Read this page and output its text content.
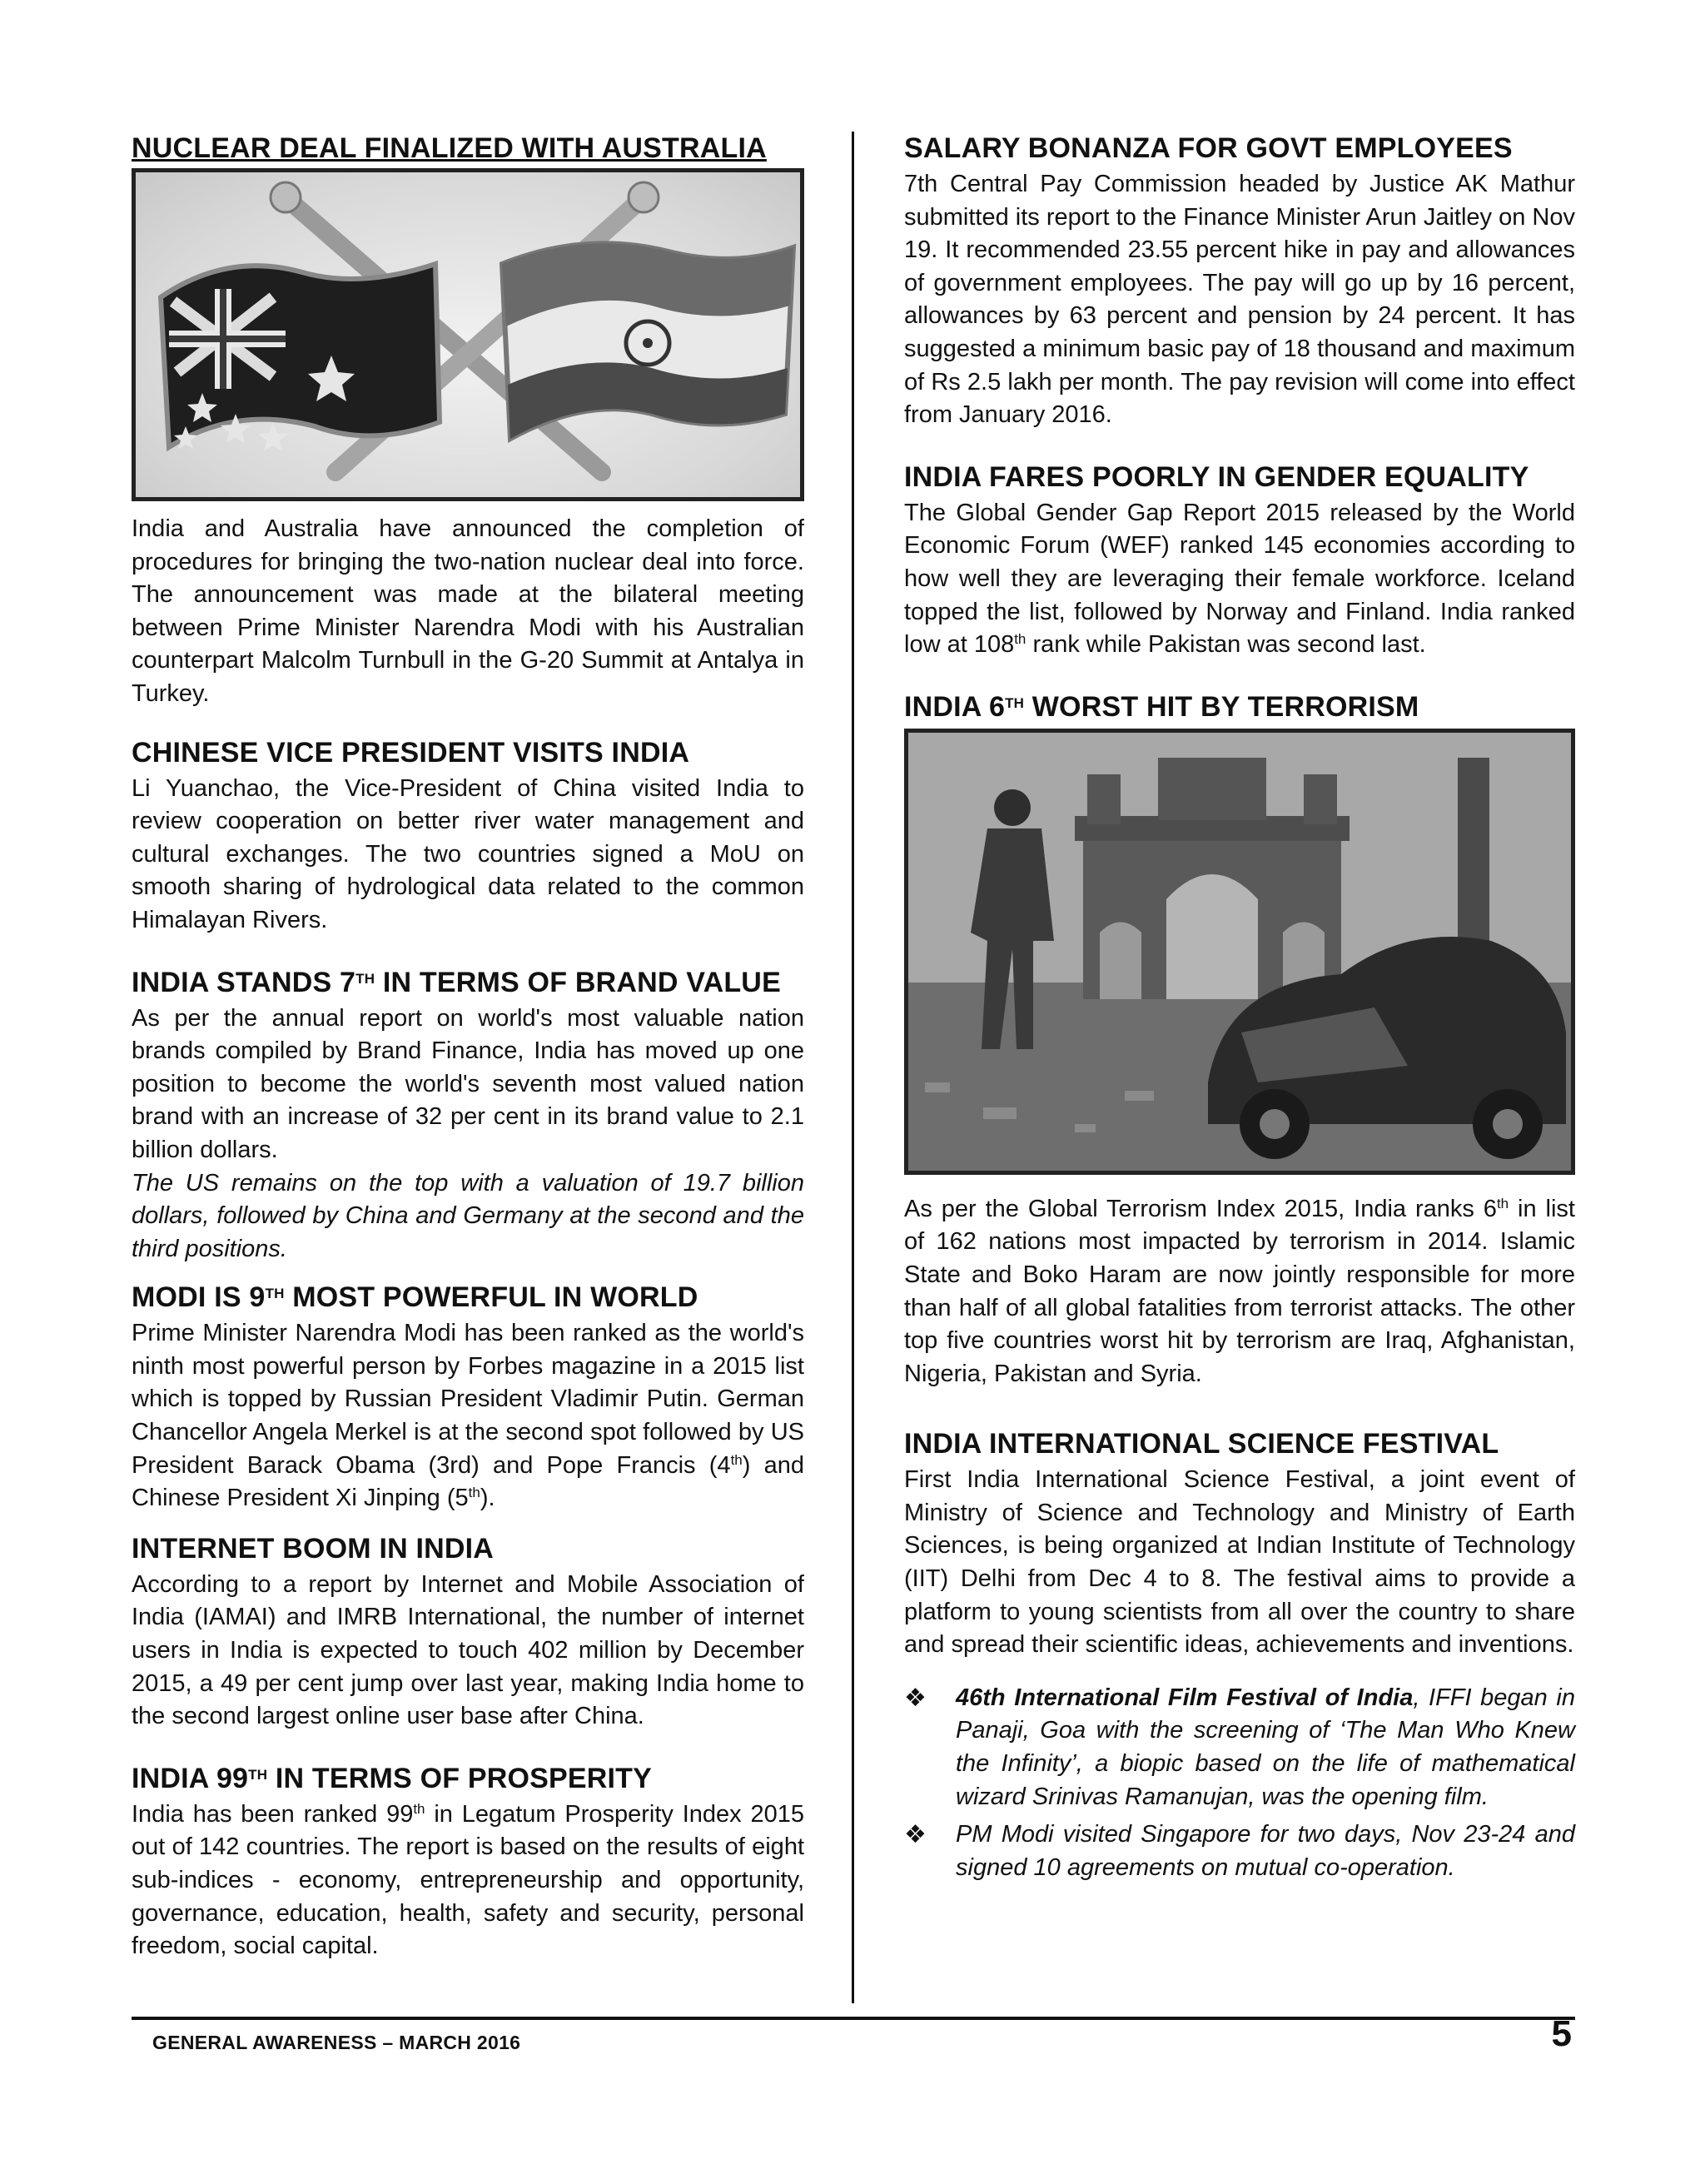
NUCLEAR DEAL FINALIZED WITH AUSTRALIA

India and Australia have announced the completion of procedures for bringing the two-nation nuclear deal into force. The announcement was made at the bilateral meeting between Prime Minister Narendra Modi with his Australian counterpart Malcolm Turnbull in the G-20 Summit at Antalya in Turkey.

CHINESE VICE PRESIDENT VISITS INDIA

Li Yuanchao, the Vice-President of China visited India to review cooperation on better river water management and cultural exchanges. The two countries signed a MoU on smooth sharing of hydrological data related to the common Himalayan Rivers.

INDIA STANDS 7TH IN TERMS OF BRAND VALUE

As per the annual report on world's most valuable nation brands compiled by Brand Finance, India has moved up one position to become the world's seventh most valued nation brand with an increase of 32 per cent in its brand value to 2.1 billion dollars.

The US remains on the top with a valuation of 19.7 billion dollars, followed by China and Germany at the second and the third positions.

MODI IS 9TH MOST POWERFUL IN WORLD

Prime Minister Narendra Modi has been ranked as the world's ninth most powerful person by Forbes magazine in a 2015 list which is topped by Russian President Vladimir Putin. German Chancellor Angela Merkel is at the second spot followed by US President Barack Obama (3rd) and Pope Francis (4th) and Chinese President Xi Jinping (5th).

INTERNET BOOM IN INDIA

According to a report by Internet and Mobile Association of India (IAMAI) and IMRB International, the number of internet users in India is expected to touch 402 million by December 2015, a 49 per cent jump over last year, making India home to the second largest online user base after China.

INDIA 99TH IN TERMS OF PROSPERITY

India has been ranked 99th in Legatum Prosperity Index 2015 out of 142 countries. The report is based on the results of eight sub-indices - economy, entrepreneurship and opportunity, governance, education, health, safety and security, personal freedom, social capital.

SALARY BONANZA FOR GOVT EMPLOYEES

7th Central Pay Commission headed by Justice AK Mathur submitted its report to the Finance Minister Arun Jaitley on Nov 19. It recommended 23.55 percent hike in pay and allowances of government employees. The pay will go up by 16 percent, allowances by 63 percent and pension by 24 percent. It has suggested a minimum basic pay of 18 thousand and maximum of Rs 2.5 lakh per month. The pay revision will come into effect from January 2016.

INDIA FARES POORLY IN GENDER EQUALITY

The Global Gender Gap Report 2015 released by the World Economic Forum (WEF) ranked 145 economies according to how well they are leveraging their female workforce. Iceland topped the list, followed by Norway and Finland. India ranked low at 108th rank while Pakistan was second last.

INDIA 6TH WORST HIT BY TERRORISM

As per the Global Terrorism Index 2015, India ranks 6th in list of 162 nations most impacted by terrorism in 2014. Islamic State and Boko Haram are now jointly responsible for more than half of all global fatalities from terrorist attacks. The other top five countries worst hit by terrorism are Iraq, Afghanistan, Nigeria, Pakistan and Syria.

INDIA INTERNATIONAL SCIENCE FESTIVAL

First India International Science Festival, a joint event of Ministry of Science and Technology and Ministry of Earth Sciences, is being organized at Indian Institute of Technology (IIT) Delhi from Dec 4 to 8. The festival aims to provide a platform to young scientists from all over the country to share and spread their scientific ideas, achievements and inventions.

❖ 46th International Film Festival of India, IFFI began in Panaji, Goa with the screening of ‘The Man Who Knew the Infinity’, a biopic based on the life of mathematical wizard Srinivas Ramanujan, was the opening film.
❖ PM Modi visited Singapore for two days, Nov 23-24 and signed 10 agreements on mutual co-operation.
GENERAL AWARENESS – MARCH 2016	5
